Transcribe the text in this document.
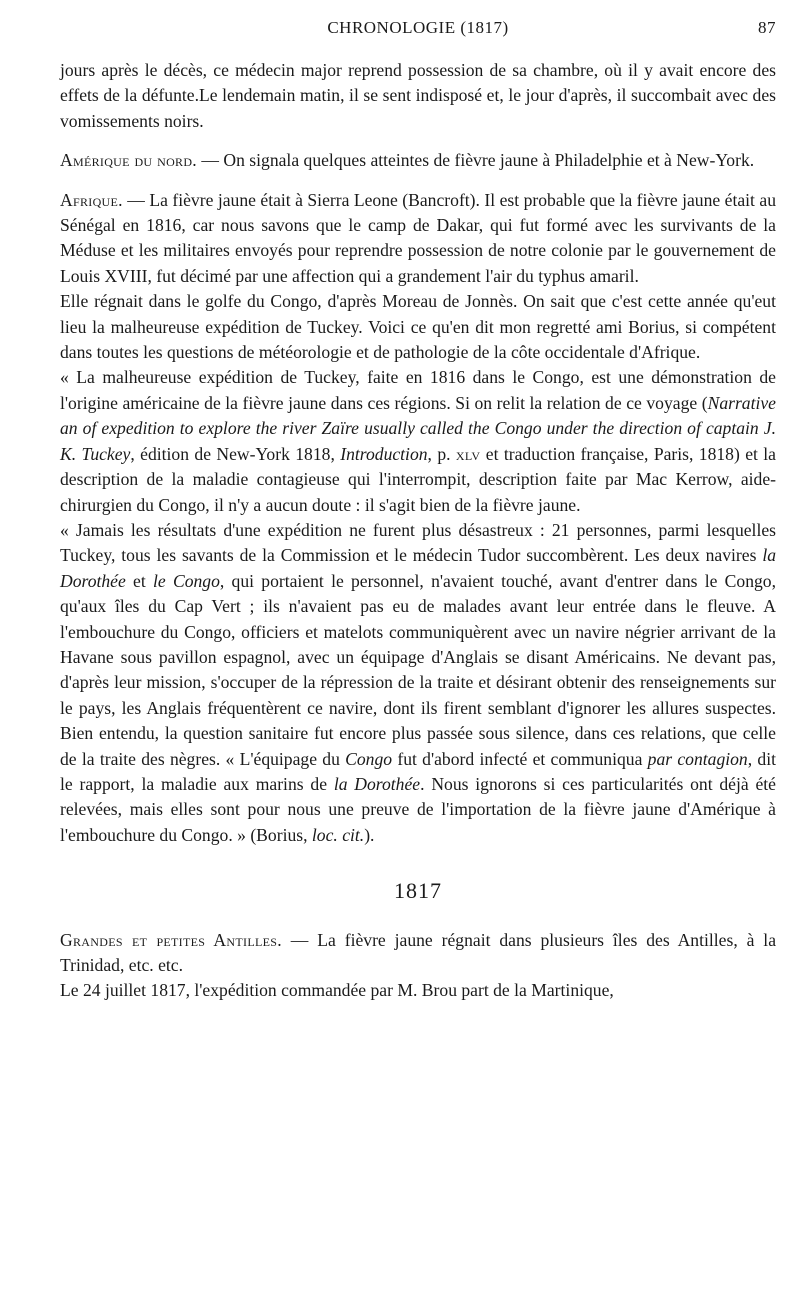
CHRONOLOGIE (1817)	87

jours après le décès, ce médecin major reprend possession de sa chambre, où il y avait encore des effets de la défunte.Le lendemain matin, il se sent indisposé et, le jour d'après, il succombait avec des vomissements noirs.

Amérique du nord. — On signala quelques atteintes de fièvre jaune à Philadelphie et à New-York.

Afrique. — La fièvre jaune était à Sierra Leone (Bancroft). Il est probable que la fièvre jaune était au Sénégal en 1816, car nous savons que le camp de Dakar, qui fut formé avec les survivants de la Méduse et les militaires envoyés pour reprendre possession de notre colonie par le gouvernement de Louis XVIII, fut décimé par une affection qui a grandement l'air du typhus amaril.

Elle régnait dans le golfe du Congo, d'après Moreau de Jonnès. On sait que c'est cette année qu'eut lieu la malheureuse expédition de Tuckey. Voici ce qu'en dit mon regretté ami Borius, si compétent dans toutes les questions de météorologie et de pathologie de la côte occidentale d'Afrique.

« La malheureuse expédition de Tuckey, faite en 1816 dans le Congo, est une démonstration de l'origine américaine de la fièvre jaune dans ces régions. Si on relit la relation de ce voyage (Narrative an of expedition to explore the river Zaïre usually called the Congo under the direction of captain J. K. Tuckey, édition de New-York 1818, Introduction, p. xlv et traduction française, Paris, 1818) et la description de la maladie contagieuse qui l'interrompit, description faite par Mac Kerrow, aide-chirurgien du Congo, il n'y a aucun doute : il s'agit bien de la fièvre jaune.

« Jamais les résultats d'une expédition ne furent plus désastreux : 21 personnes, parmi lesquelles Tuckey, tous les savants de la Commission et le médecin Tudor succombèrent. Les deux navires la Dorothée et le Congo, qui portaient le personnel, n'avaient touché, avant d'entrer dans le Congo, qu'aux îles du Cap Vert ; ils n'avaient pas eu de malades avant leur entrée dans le fleuve. A l'embouchure du Congo, officiers et matelots communiquèrent avec un navire négrier arrivant de la Havane sous pavillon espagnol, avec un équipage d'Anglais se disant Américains. Ne devant pas, d'après leur mission, s'occuper de la répression de la traite et désirant obtenir des renseignements sur le pays, les Anglais fréquentèrent ce navire, dont ils firent semblant d'ignorer les allures suspectes. Bien entendu, la question sanitaire fut encore plus passée sous silence, dans ces relations, que celle de la traite des nègres. « L'équipage du Congo fut d'abord infecté et communiqua par contagion, dit le rapport, la maladie aux marins de la Dorothée. Nous ignorons si ces particularités ont déjà été relevées, mais elles sont pour nous une preuve de l'importation de la fièvre jaune d'Amérique à l'embouchure du Congo. » (Borius, loc. cit.).

1817

Grandes et petites Antilles. — La fièvre jaune régnait dans plusieurs îles des Antilles, à la Trinidad, etc. etc.

Le 24 juillet 1817, l'expédition commandée par M. Brou part de la Martinique,
